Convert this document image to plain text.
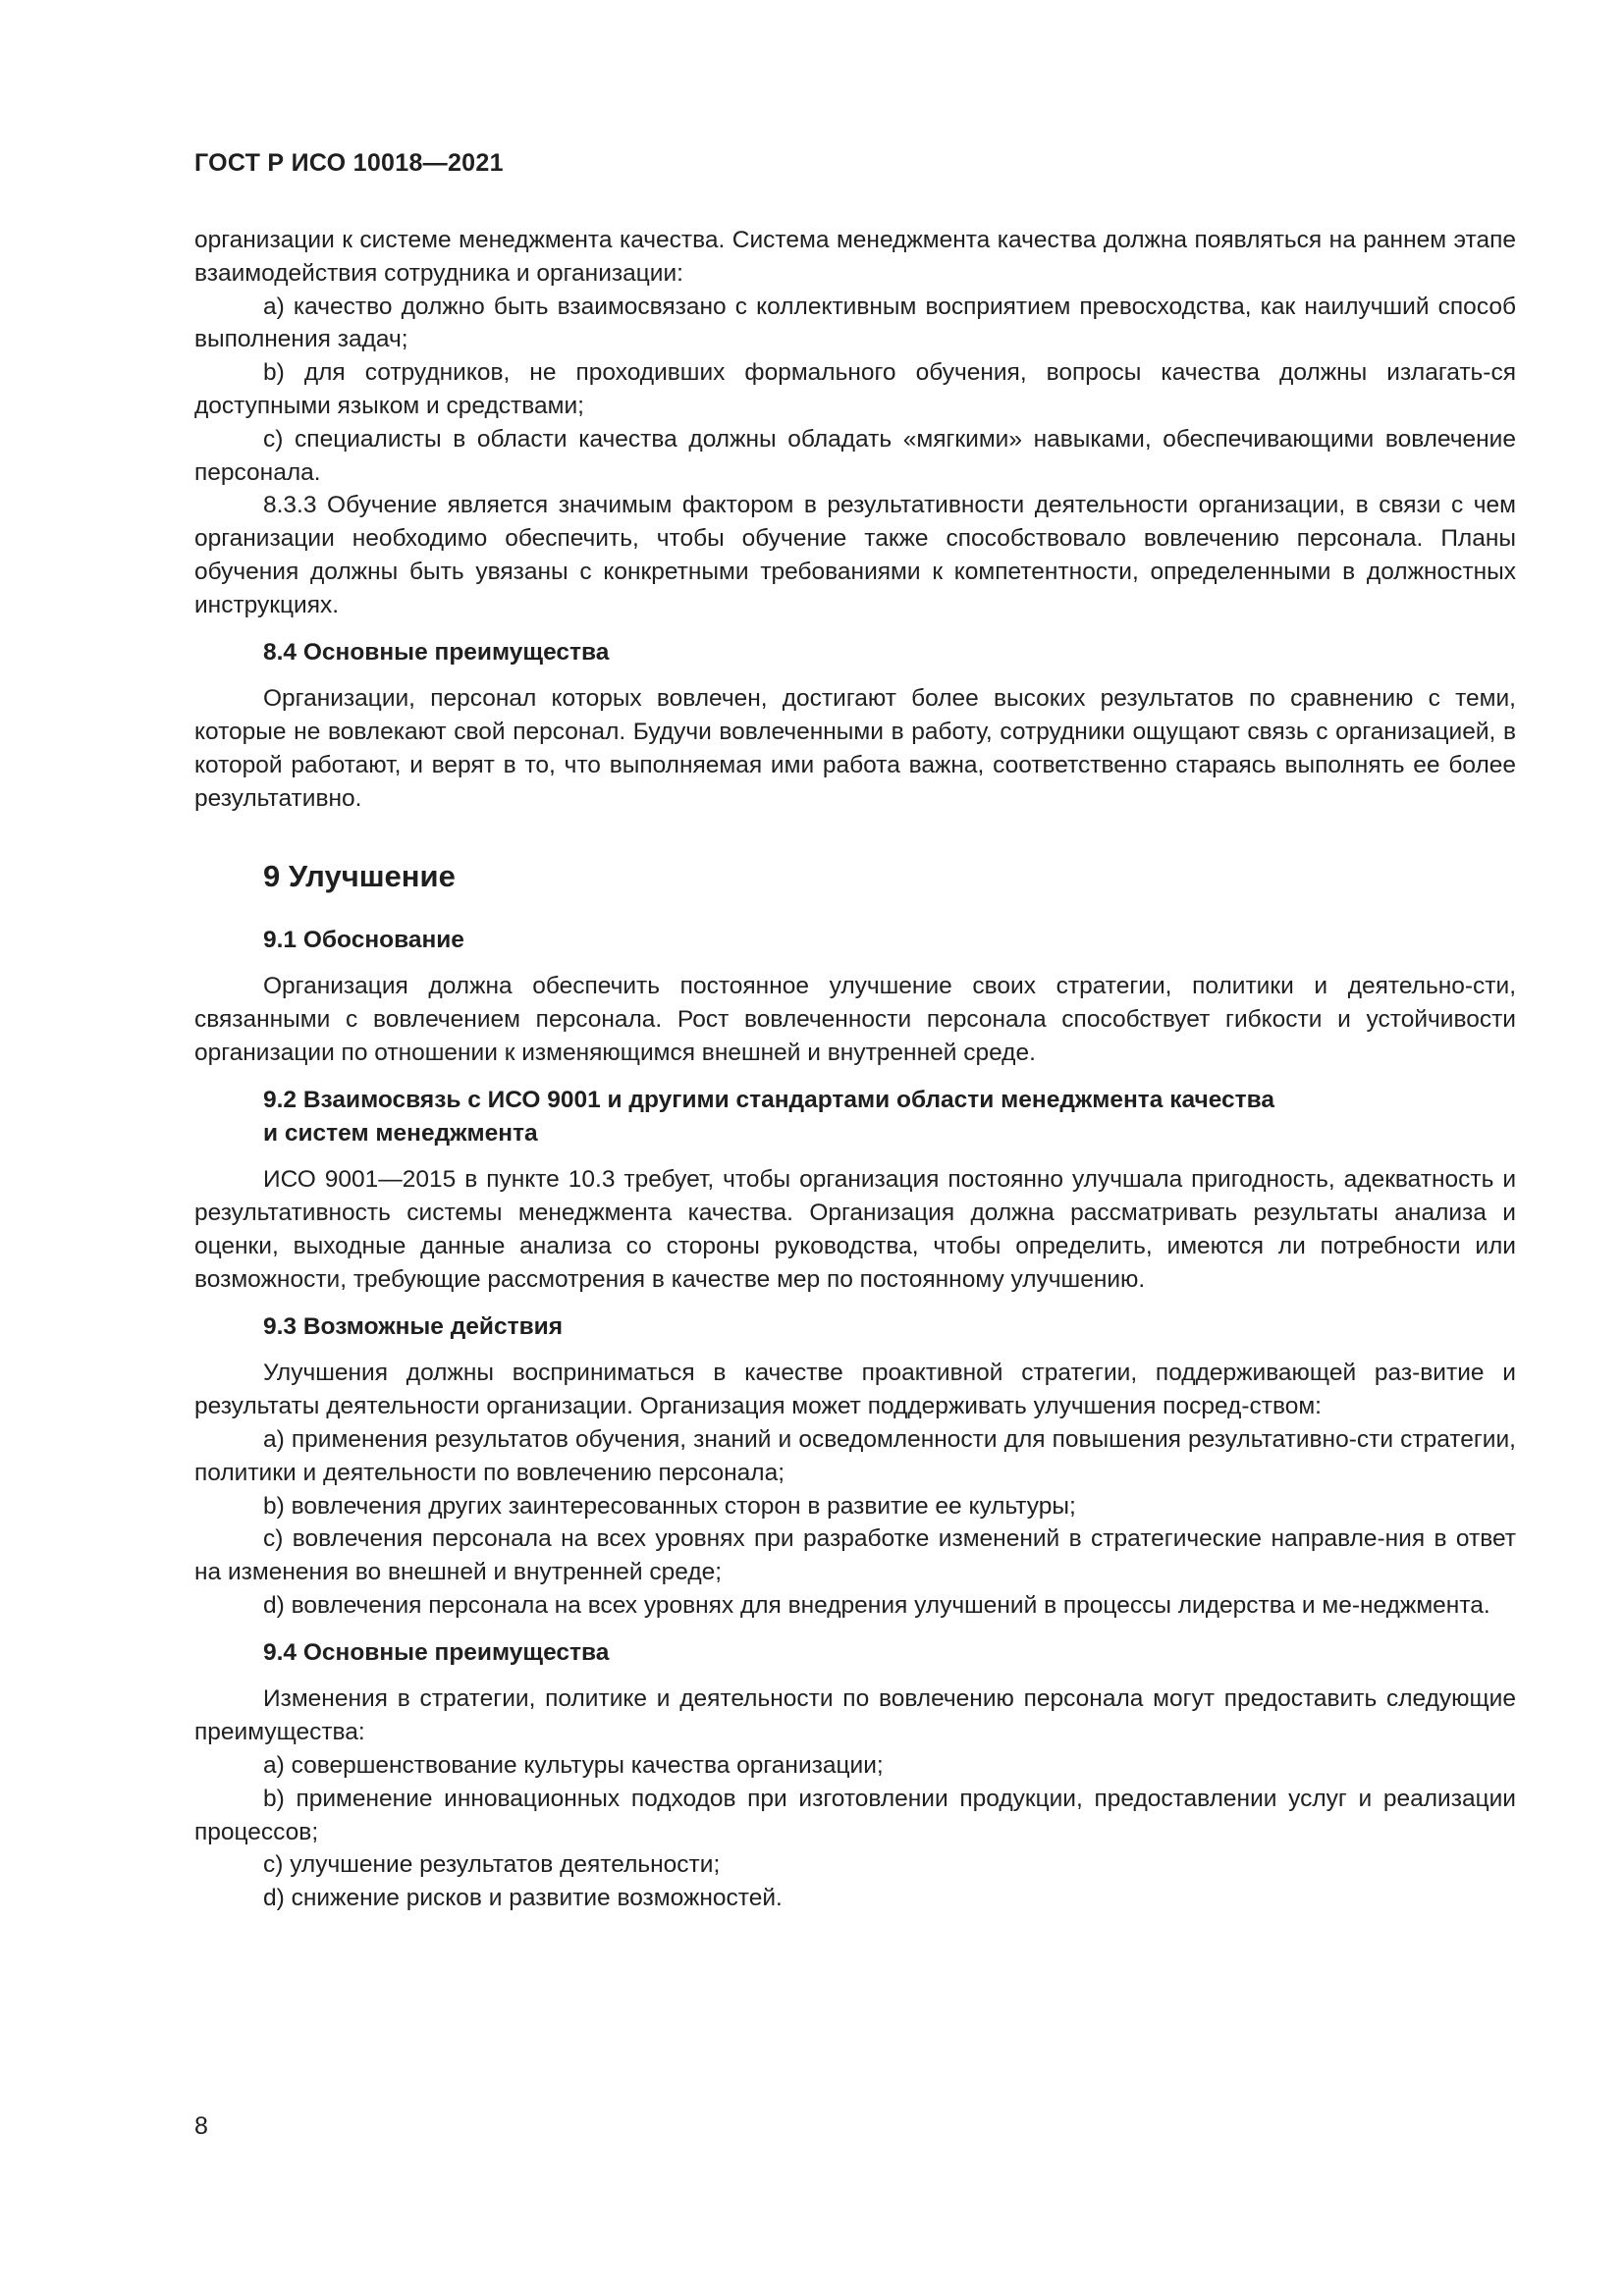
ГОСТ Р ИСО 10018—2021

организации к системе менеджмента качества. Система менеджмента качества должна появляться на раннем этапе взаимодействия сотрудника и организации:

а) качество должно быть взаимосвязано с коллективным восприятием превосходства, как наилучший способ выполнения задач;

b) для сотрудников, не проходивших формального обучения, вопросы качества должны излагать-ся доступными языком и средствами;

с) специалисты в области качества должны обладать «мягкими» навыками, обеспечивающими вовлечение персонала.

8.3.3 Обучение является значимым фактором в результативности деятельности организации, в связи с чем организации необходимо обеспечить, чтобы обучение также способствовало вовлечению персонала. Планы обучения должны быть увязаны с конкретными требованиями к компетентности, определенными в должностных инструкциях.

8.4 Основные преимущества

Организации, персонал которых вовлечен, достигают более высоких результатов по сравнению с теми, которые не вовлекают свой персонал. Будучи вовлеченными в работу, сотрудники ощущают связь с организацией, в которой работают, и верят в то, что выполняемая ими работа важна, соответственно стараясь выполнять ее более результативно.

9 Улучшение
9.1 Обоснование

Организация должна обеспечить постоянное улучшение своих стратегии, политики и деятельно-сти, связанными с вовлечением персонала. Рост вовлеченности персонала способствует гибкости и устойчивости организации по отношении к изменяющимся внешней и внутренней среде.

9.2 Взаимосвязь с ИСО 9001 и другими стандартами области менеджмента качества
и систем менеджмента

ИСО 9001—2015 в пункте 10.3 требует, чтобы организация постоянно улучшала пригодность, адекватность и результативность системы менеджмента качества. Организация должна рассматривать результаты анализа и оценки, выходные данные анализа со стороны руководства, чтобы определить, имеются ли потребности или возможности, требующие рассмотрения в качестве мер по постоянному улучшению.

9.3 Возможные действия

Улучшения должны восприниматься в качестве проактивной стратегии, поддерживающей раз-витие и результаты деятельности организации. Организация может поддерживать улучшения посред-ством:

а) применения результатов обучения, знаний и осведомленности для повышения результативно-сти стратегии, политики и деятельности по вовлечению персонала;

b) вовлечения других заинтересованных сторон в развитие ее культуры;

с) вовлечения персонала на всех уровнях при разработке изменений в стратегические направле-ния в ответ на изменения во внешней и внутренней среде;

d) вовлечения персонала на всех уровнях для внедрения улучшений в процессы лидерства и ме-неджмента.

9.4 Основные преимущества

Изменения в стратегии, политике и деятельности по вовлечению персонала могут предоставить следующие преимущества:

а) совершенствование культуры качества организации;

b) применение инновационных подходов при изготовлении продукции, предоставлении услуг и реализации процессов;

с) улучшение результатов деятельности;

d) снижение рисков и развитие возможностей.

8
